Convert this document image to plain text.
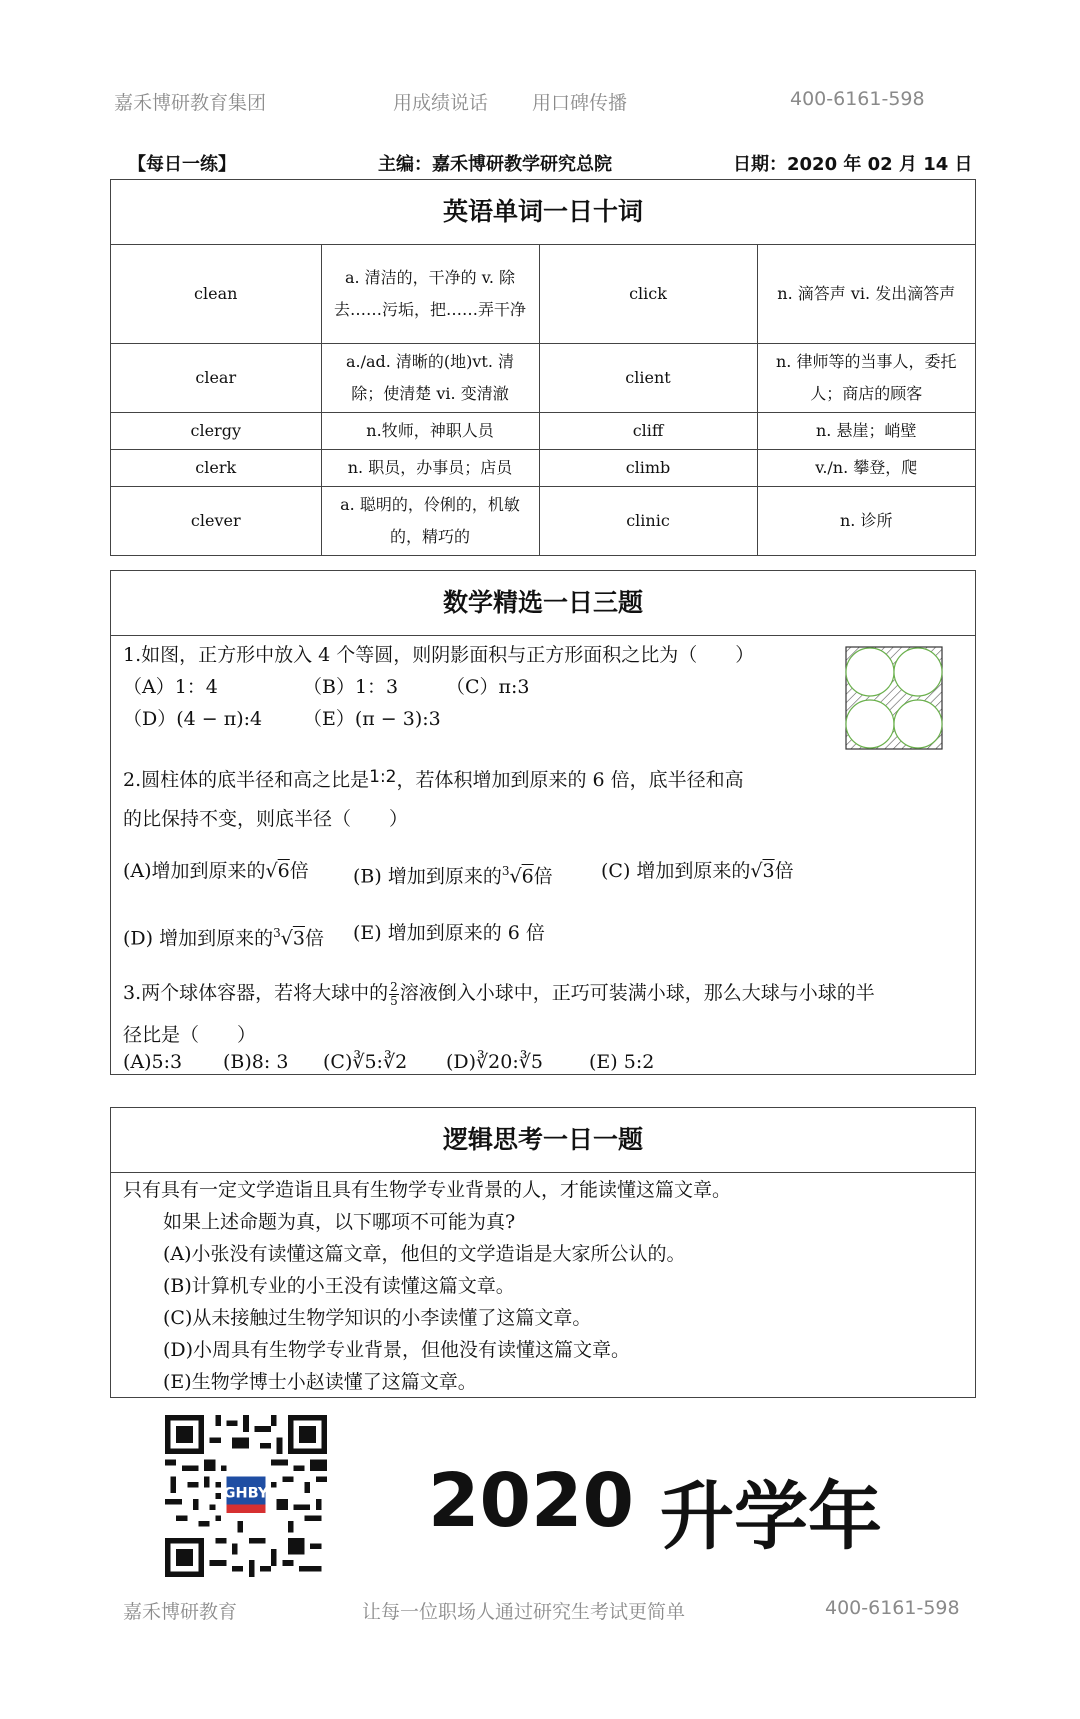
嘉禾博研教育集团	用成绩说话 用口碑传播	400-6161-598
【每日一练】	主编：嘉禾博研教学研究总院	日期：2020 年 02 月 14 日
英语单词一日十词
clean	a. 清洁的，干净的 v. 除去……污垢，把……弄干净	click	n. 滴答声 vi. 发出滴答声
clear	a./ad. 清晰的(地)vt. 清除；使清楚 vi. 变清澈	client	n. 律师等的当事人，委托人；商店的顾客
clergy	n.牧师，神职人员	cliff	n. 悬崖；峭壁
clerk	n. 职员，办事员；店员	climb	v./n. 攀登，爬
clever	a. 聪明的，伶俐的，机敏的，精巧的	clinic	n. 诊所
数学精选一日三题
1.如图，正方形中放入 4 个等圆，则阴影面积与正方形面积之比为（　　）
（A）1：4	（B）1：3	（C）π:3
（D）(4 − π):4 （E）(π − 3):3
2.圆柱体的底半径和高之比是1:2，若体积增加到原来的 6 倍，底半径和高
的比保持不变，则底半径（　　）
(A)增加到原来的√6倍 (B) 增加到原来的$^3$√6倍	(C) 增加到原来的√3倍
(D) 增加到原来的$^3$√3倍 (E) 增加到原来的 6 倍
3.两个球体容器，若将大球中的 $\frac{2}{5}$ 溶液倒入小球中，正巧可装满小球，那么大球与小球的半
径比是（　　）
(A)5:3 (B)8: 3 (C)∛5:∛2 (D)∛20:∛5 (E) 5:2
逻辑思考一日一题
只有具有一定文学造诣且具有生物学专业背景的人，才能读懂这篇文章。
如果上述命题为真，以下哪项不可能为真?
(A)小张没有读懂这篇文章，他但的文学造诣是大家所公认的。
(B)计算机专业的小王没有读懂这篇文章。
(C)从未接触过生物学知识的小李读懂了这篇文章。
(D)小周具有生物学专业背景，但他没有读懂这篇文章。
(E)生物学博士小赵读懂了这篇文章。
GHBY 2020 升学年
嘉禾博研教育	让每一位职场人通过研究生考试更简单	400-6161-598
